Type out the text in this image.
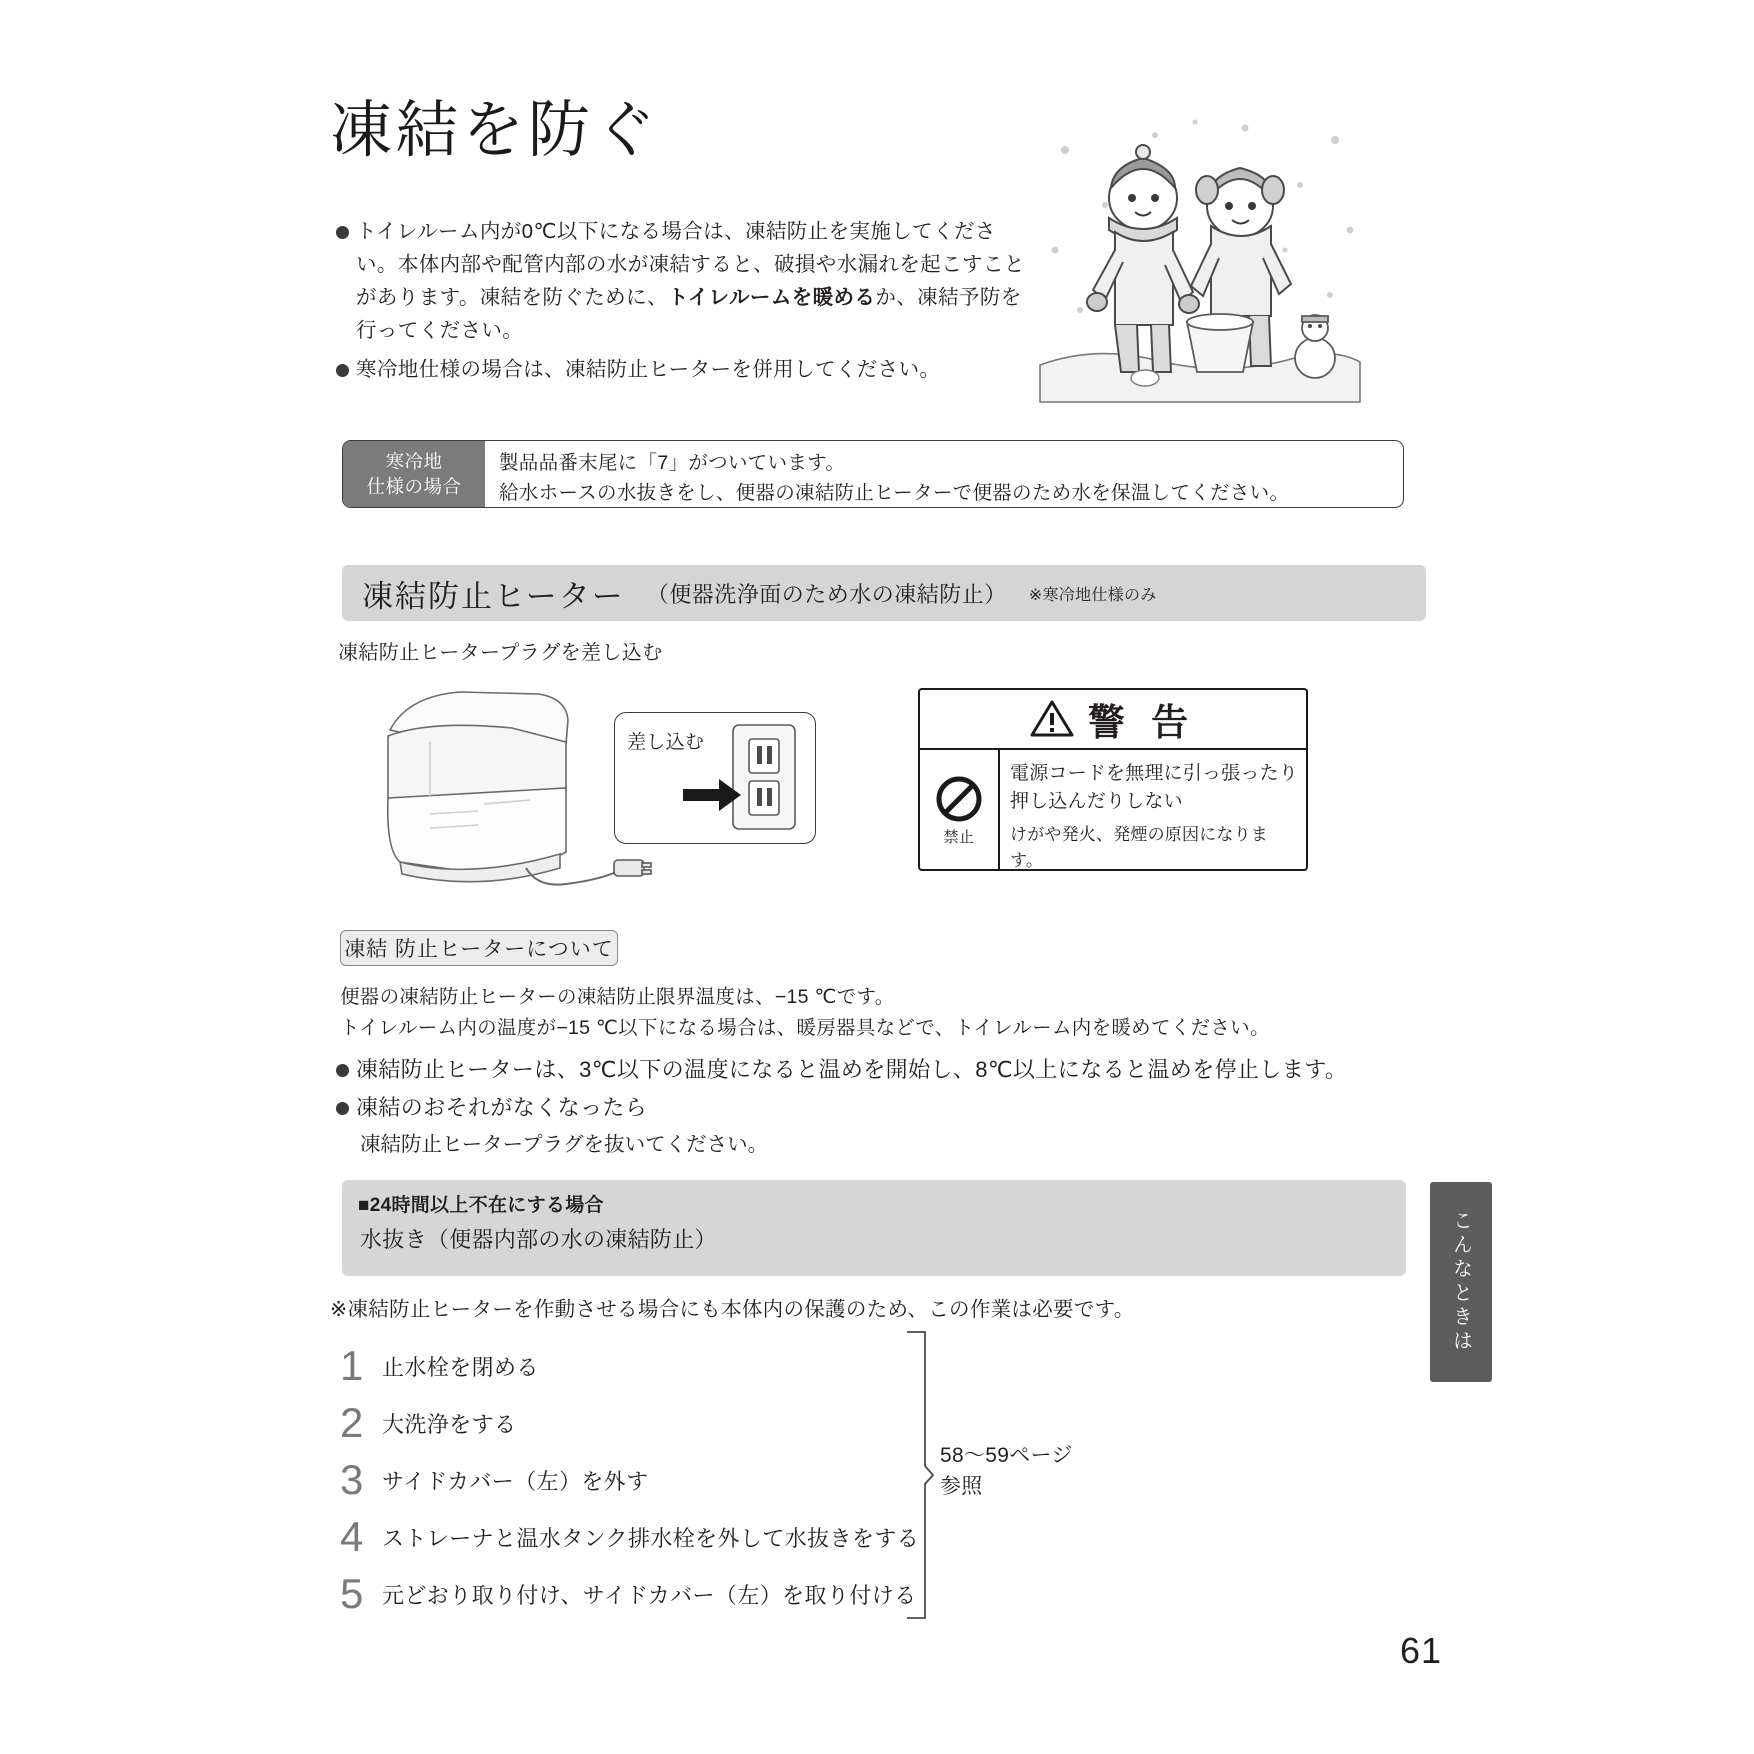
凍結を防ぐ
トイレルーム内が0℃以下になる場合は、凍結防止を実施してください。本体内部や配管内部の水が凍結すると、破損や水漏れを起こすことがあります。凍結を防ぐために、トイレルームを暖めるか、凍結予防を行ってください。
寒冷地仕様の場合は、凍結防止ヒーターを併用してください。
寒冷地
仕様の場合
製品品番末尾に「7」がついています。
給水ホースの水抜きをし、便器の凍結防止ヒーターで便器のため水を保温してください。
凍結防止ヒーター （便器洗浄面のため水の凍結防止） ※寒冷地仕様のみ
凍結防止ヒータープラグを差し込む
差し込む	警 告
禁止
電源コードを無理に引っ張ったり
押し込んだりしない
けがや発火、発煙の原因になります。
凍結 防止ヒーターについて
便器の凍結防止ヒーターの凍結防止限界温度は、−15 ℃です。
トイレルーム内の温度が−15 ℃以下になる場合は、暖房器具などで、トイレルーム内を暖めてください。
凍結防止ヒーターは、3℃以下の温度になると温めを開始し、8℃以上になると温めを停止します。
凍結のおそれがなくなったら
凍結防止ヒータープラグを抜いてください。
■24時間以上不在にする場合
水抜き（便器内部の水の凍結防止）
※凍結防止ヒーターを作動させる場合にも本体内の保護のため、この作業は必要です。
1 止水栓を閉める
2 大洗浄をする
3 サイドカバー（左）を外す
4 ストレーナと温水タンク排水栓を外して水抜きをする
5 元どおり取り付け、サイドカバー（左）を取り付ける
58〜59ページ
参照
こんなときは
61
